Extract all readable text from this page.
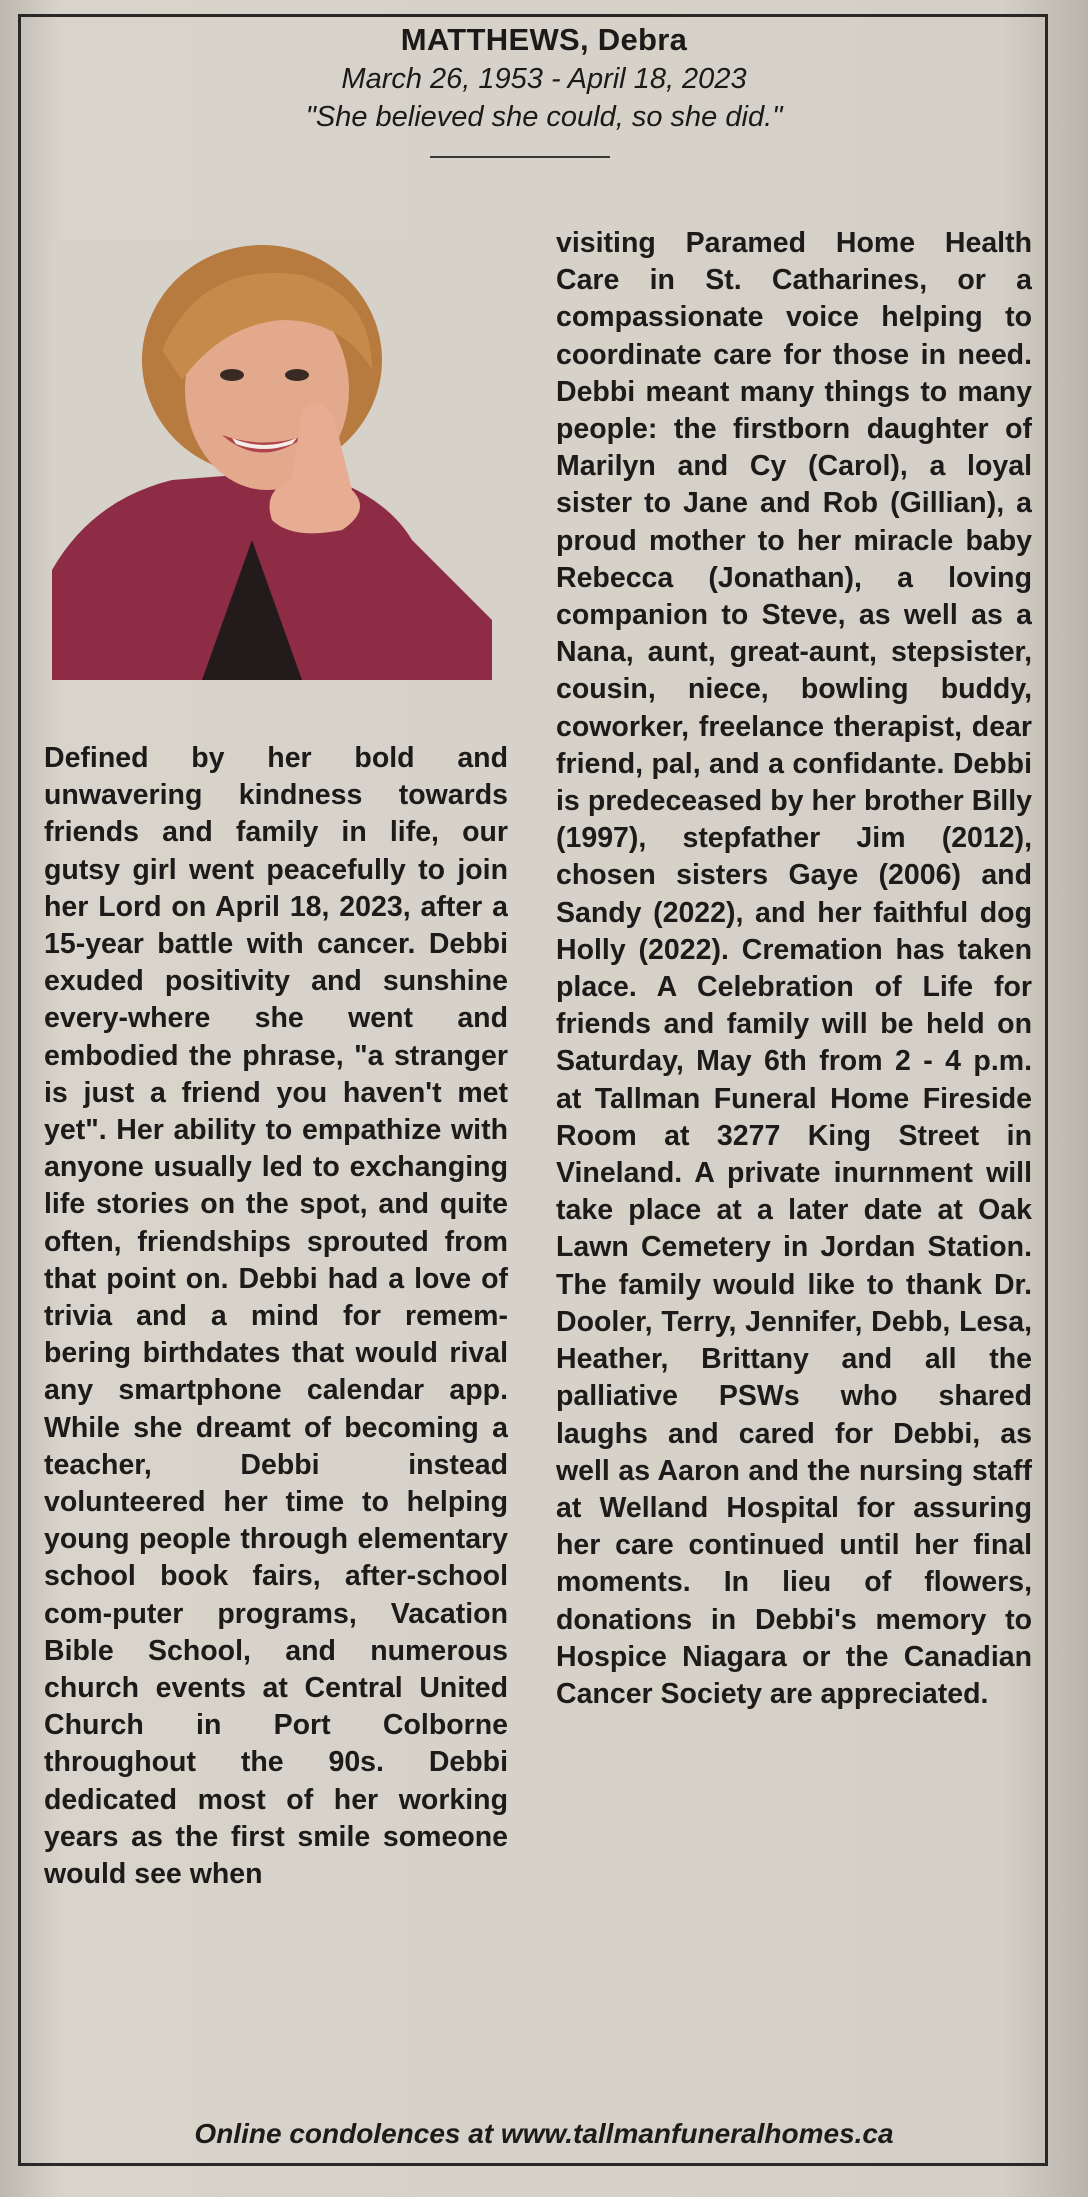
MATTHEWS, Debra

March 26, 1953 - April 18, 2023

"She believed she could, so she did."

Defined by her bold and unwavering kindness towards friends and family in life, our gutsy girl went peacefully to join her Lord on April 18, 2023, after a 15-year battle with cancer. Debbi exuded positivity and sunshine every-where she went and embodied the phrase, "a stranger is just a friend you haven't met yet". Her ability to empathize with anyone usually led to exchanging life stories on the spot, and quite often, friendships sprouted from that point on. Debbi had a love of trivia and a mind for remem-bering birthdates that would rival any smartphone calendar app. While she dreamt of becoming a teacher, Debbi instead volunteered her time to helping young people through elementary school book fairs, after-school com-puter programs, Vacation Bible School, and numerous church events at Central United Church in Port Colborne throughout the 90s. Debbi dedicated most of her working years as the first smile someone would see when
visiting Paramed Home Health Care in St. Catharines, or a compassionate voice helping to coordinate care for those in need. Debbi meant many things to many people: the firstborn daughter of Marilyn and Cy (Carol), a loyal sister to Jane and Rob (Gillian), a proud mother to her miracle baby Rebecca (Jonathan), a loving companion to Steve, as well as a Nana, aunt, great-aunt, stepsister, cousin, niece, bowling buddy, coworker, freelance therapist, dear friend, pal, and a confidante. Debbi is predeceased by her brother Billy (1997), stepfather Jim (2012), chosen sisters Gaye (2006) and Sandy (2022), and her faithful dog Holly (2022). Cremation has taken place. A Celebration of Life for friends and family will be held on Saturday, May 6th from 2 - 4 p.m. at Tallman Funeral Home Fireside Room at 3277 King Street in Vineland. A private inurnment will take place at a later date at Oak Lawn Cemetery in Jordan Station. The family would like to thank Dr. Dooler, Terry, Jennifer, Debb, Lesa, Heather, Brittany and all the palliative PSWs who shared laughs and cared for Debbi, as well as Aaron and the nursing staff at Welland Hospital for assuring her care continued until her final moments. In lieu of flowers, donations in Debbi's memory to Hospice Niagara or the Canadian Cancer Society are appreciated.
Online condolences at www.tallmanfuneralhomes.ca
